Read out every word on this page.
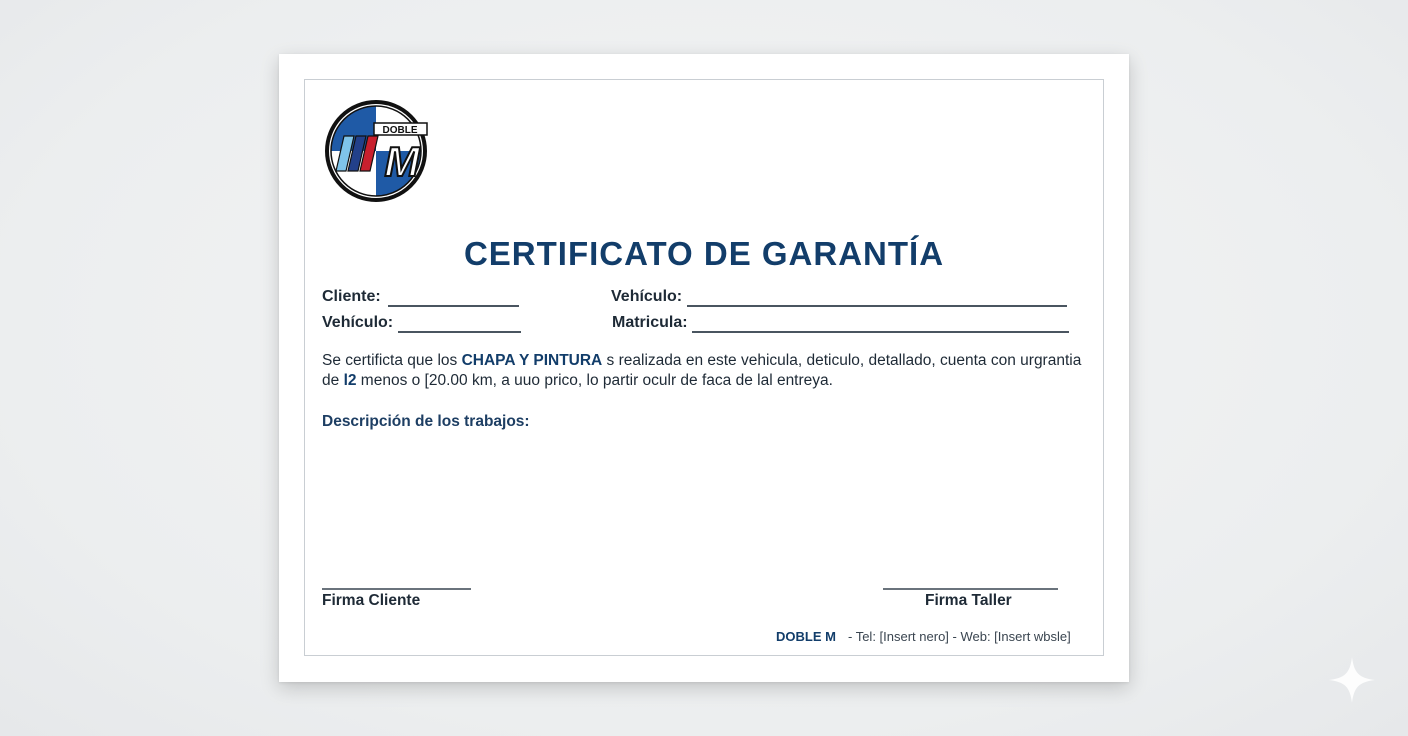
DOBLE
M
CERTIFICATO DE GARANTÍA
Cliente:	Vehículo:
Vehículo:	Matricula:
Se certificta que los CHAPA Y PINTURA s realizada en este vehicula, deticulo, detallado, cuenta con urgrantia de l2 menos o [20.00 km, a uuo prico, lo partir oculr de faca de lal entreya.
Descripción de los trabajos:
Firma Cliente	Firma Taller
DOBLE M - Tel: [Insert nero] - Web: [Insert wbsle]
